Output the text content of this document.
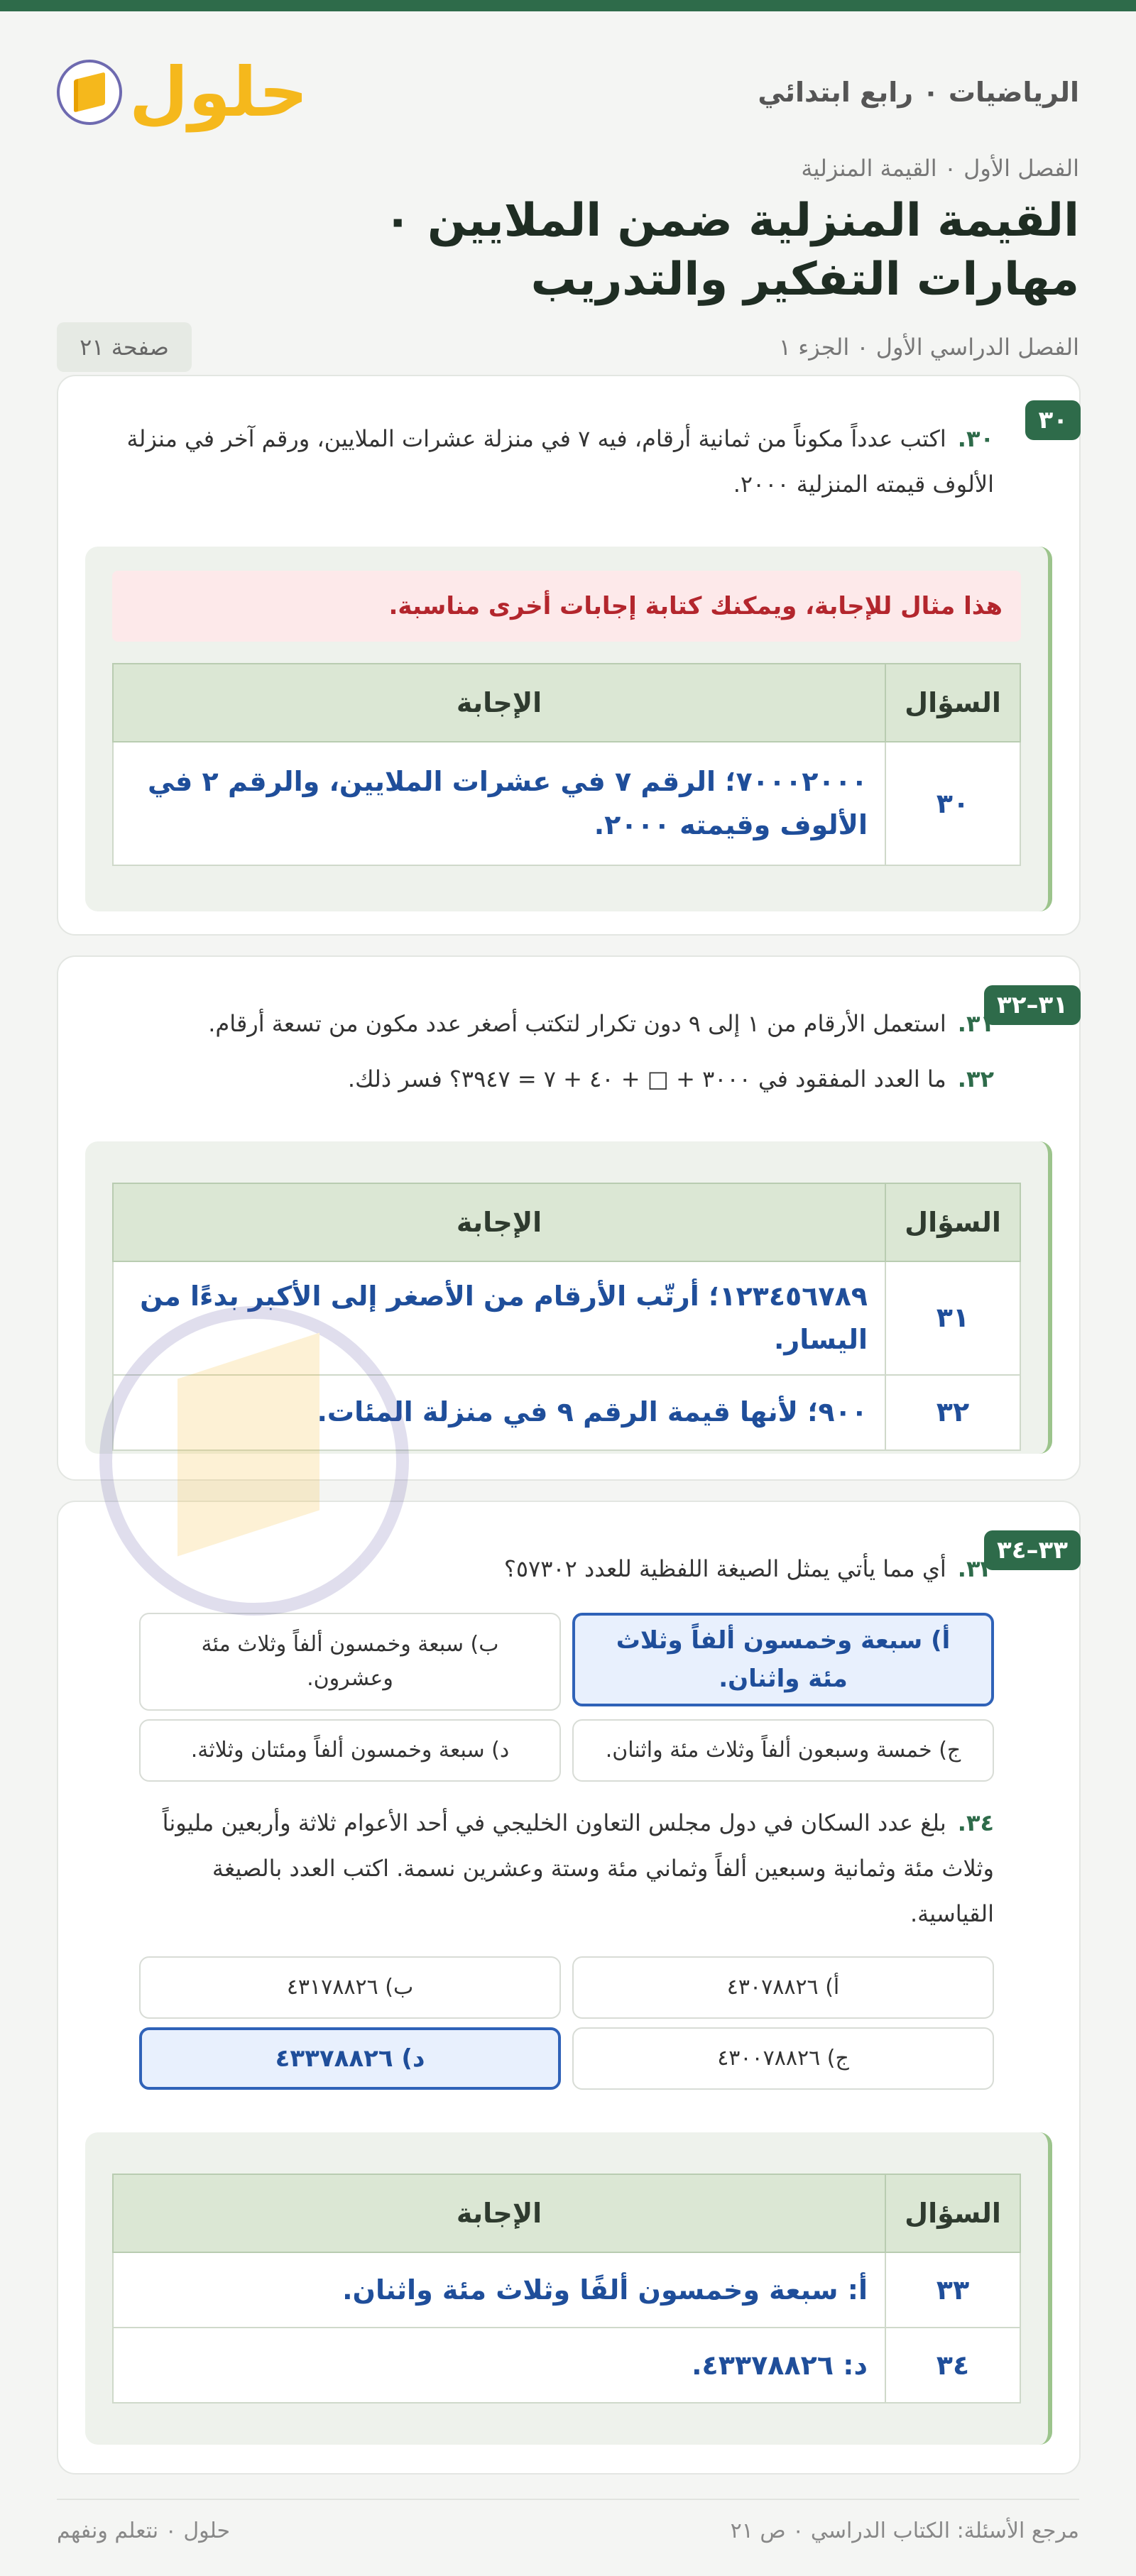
الرياضيات ٠ رابع ابتدائي
حلول
الفصل الأول ٠ القيمة المنزلية
القيمة المنزلية ضمن الملايين ٠ مهارات التفكير والتدريب
الفصل الدراسي الأول ٠ الجزء ١
صفحة ٢١
٣٠
٣٠.اكتب عدداً مكوناً من ثمانية أرقام، فيه ٧ في منزلة عشرات الملايين، ورقم آخر في منزلة الألوف قيمته المنزلية ٢٠٠٠.
هذا مثال للإجابة، ويمكنك كتابة إجابات أخرى مناسبة.
السؤال	الإجابة
٣٠	٧٠٠٠٢٠٠٠؛ الرقم ٧ في عشرات الملايين، والرقم ٢ في الألوف وقيمته ٢٠٠٠.
٣١–٣٢
٣١.استعمل الأرقام من ١ إلى ٩ دون تكرار لتكتب أصغر عدد مكون من تسعة أرقام.
٣٢.ما العدد المفقود في ٣٠٠٠ + □ + ٤٠ + ٧ = ٣٩٤٧؟ فسر ذلك.
السؤال	الإجابة
٣١	١٢٣٤٥٦٧٨٩؛ أرتّب الأرقام من الأصغر إلى الأكبر بدءًا من اليسار.
٣٢	٩٠٠؛ لأنها قيمة الرقم ٩ في منزلة المئات.
٣٣–٣٤
٣٣.أي مما يأتي يمثل الصيغة اللفظية للعدد ٥٧٣٠٢؟
أ) سبعة وخمسون ألفاً وثلاث مئة واثنان.
ب) سبعة وخمسون ألفاً وثلاث مئة وعشرون.
ج) خمسة وسبعون ألفاً وثلاث مئة واثنان.
د) سبعة وخمسون ألفاً ومئتان وثلاثة.
٣٤.بلغ عدد السكان في دول مجلس التعاون الخليجي في أحد الأعوام ثلاثة وأربعين مليوناً وثلاث مئة وثمانية وسبعين ألفاً وثماني مئة وستة وعشرين نسمة. اكتب العدد بالصيغة القياسية.
أ) ٤٣٠٧٨٨٢٦
ب) ٤٣١٧٨٨٢٦
ج) ٤٣٠٠٧٨٨٢٦
د) ٤٣٣٧٨٨٢٦
السؤال	الإجابة
٣٣	أ: سبعة وخمسون ألفًا وثلاث مئة واثنان.
٣٤	د: ٤٣٣٧٨٨٢٦.
مرجع الأسئلة: الكتاب الدراسي ٠ ص ٢١
حلول ٠ نتعلم ونفهم
